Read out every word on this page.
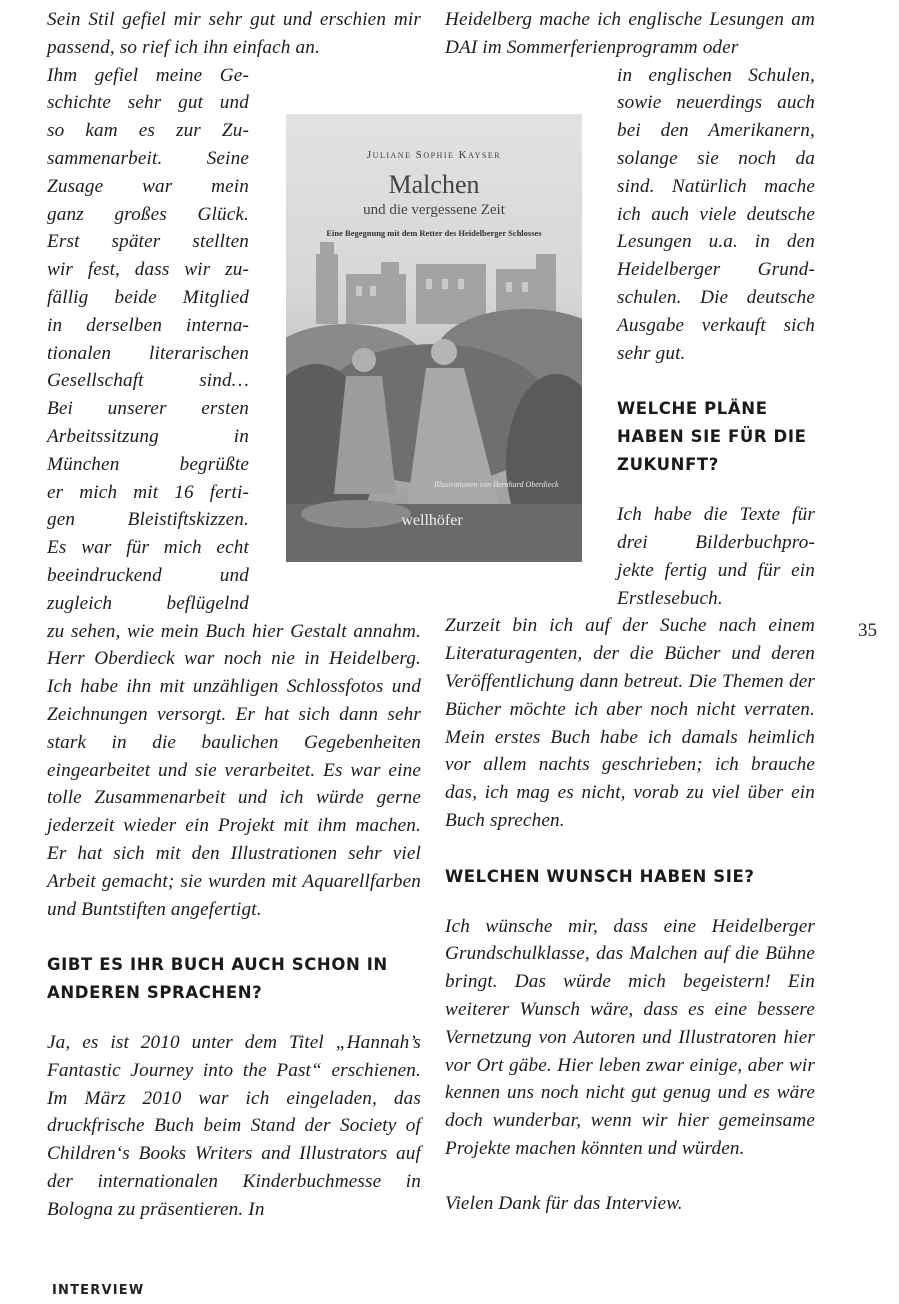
Sein Stil gefiel mir sehr gut und erschien mir passend, so rief ich ihn einfach an.

Ihm gefiel meine Ge-
schichte sehr gut und
so kam es zur Zu-
sammenarbeit. Seine
Zusage war mein
ganz großes Glück.
Erst später stellten
wir fest, dass wir zu-
fällig beide Mitglied
in derselben interna-
tionalen literarischen
Gesellschaft sind…
Bei unserer ersten
Arbeitssitzung in
München begrüßte
er mich mit 16 ferti-
gen Bleistiftskizzen.
Es war für mich echt
beeindruckend und
zugleich beflügelnd

zu sehen, wie mein Buch hier Gestalt annahm. Herr Oberdieck war noch nie in Heidelberg. Ich habe ihn mit unzähligen Schlossfotos und Zeichnungen versorgt. Er hat sich dann sehr stark in die baulichen Gegebenheiten eingearbeitet und sie verarbeitet. Es war eine tolle Zusammenarbeit und ich würde gerne jederzeit wieder ein Projekt mit ihm machen. Er hat sich mit den Illustrationen sehr viel Arbeit gemacht; sie wurden mit Aquarellfarben und Buntstiften angefertigt.

GIBT ES IHR BUCH AUCH SCHON IN ANDEREN SPRACHEN?

Ja, es ist 2010 unter dem Titel „Hannah’s Fantastic Journey into the Past“ erschienen. Im März 2010 war ich eingeladen, das druckfrische Buch beim Stand der Society of Children‘s Books Writers and Illustrators auf der internationalen Kinderbuchmesse in Bologna zu präsentieren. In

Heidelberg mache ich englische Lesungen am DAI im Sommerferienprogramm oder

in englischen Schulen,
sowie neuerdings auch
bei den Amerikanern,
solange sie noch da
sind. Natürlich mache
ich auch viele deutsche
Lesungen u.a. in den
Heidelberger Grund-
schulen. Die deutsche
Ausgabe verkauft sich
sehr gut.

WELCHE PLÄNE HABEN SIE FÜR DIE ZUKUNFT?

Ich habe die Texte für
drei Bilderbuchpro-
jekte fertig und für ein
Erstlesebuch.

Zurzeit bin ich auf der Suche nach einem Literaturagenten, der die Bücher und deren Veröffentlichung dann betreut. Die Themen der Bücher möchte ich aber noch nicht verraten. Mein erstes Buch habe ich damals heimlich vor allem nachts geschrieben; ich brauche das, ich mag es nicht, vorab zu viel über ein Buch sprechen.

WELCHEN WUNSCH HABEN SIE?

Ich wünsche mir, dass eine Heidelberger Grundschulklasse, das Malchen auf die Bühne bringt. Das würde mich begeistern! Ein weiterer Wunsch wäre, dass es eine bessere Vernetzung von Autoren und Illustratoren hier vor Ort gäbe. Hier leben zwar einige, aber wir kennen uns noch nicht gut genug und es wäre doch wunderbar, wenn wir hier gemeinsame Projekte machen könnten und würden.

Vielen Dank für das Interview.

Juliane Sophie Kayser
Malchen
und die vergessene Zeit
Eine Begegnung mit dem Retter des Heidelberger Schlosses
Illustrationen von Bernhard Oberdieck
wellhöfer
35
INTERVIEW
